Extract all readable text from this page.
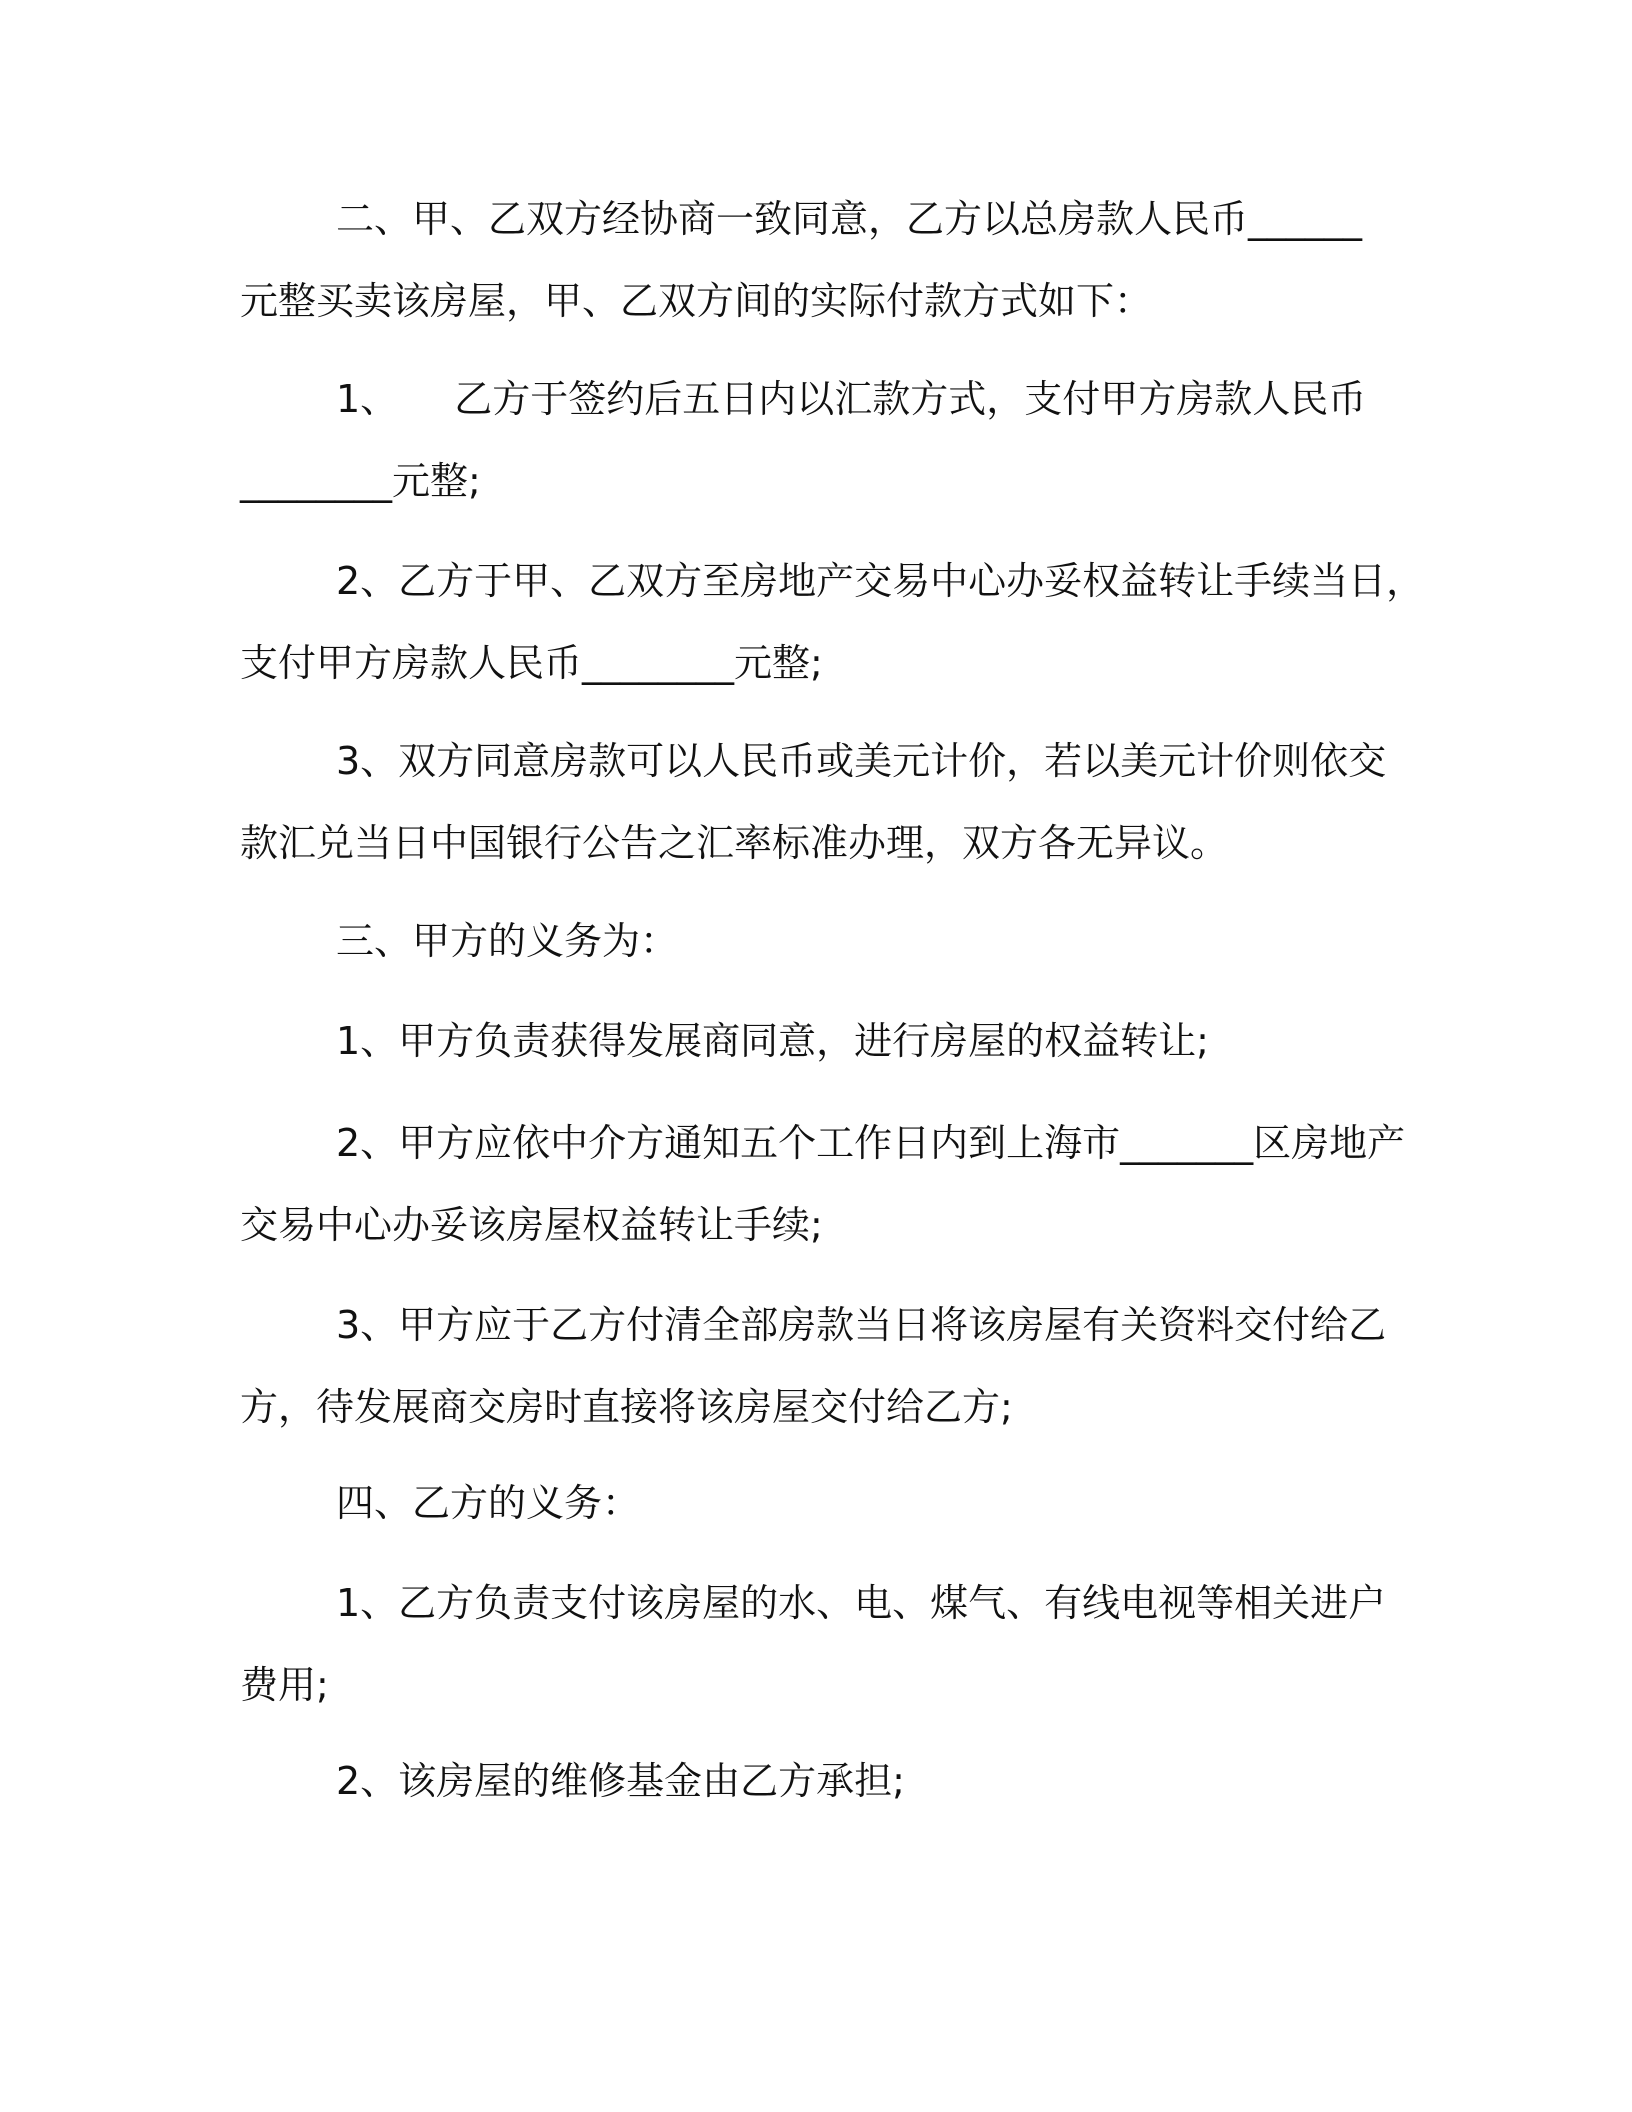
二、甲、乙双方经协商一致同意，乙方以总房款人民币______
元整买卖该房屋，甲、乙双方间的实际付款方式如下：
1、 乙方于签约后五日内以汇款方式，支付甲方房款人民币
________元整;
2、乙方于甲、乙双方至房地产交易中心办妥权益转让手续当日，
支付甲方房款人民币________元整;
3、双方同意房款可以人民币或美元计价，若以美元计价则依交
款汇兑当日中国银行公告之汇率标准办理，双方各无异议。
三、甲方的义务为：
1、甲方负责获得发展商同意，进行房屋的权益转让;
2、甲方应依中介方通知五个工作日内到上海市_______区房地产
交易中心办妥该房屋权益转让手续;
3、甲方应于乙方付清全部房款当日将该房屋有关资料交付给乙
方，待发展商交房时直接将该房屋交付给乙方;
四、乙方的义务：
1、乙方负责支付该房屋的水、电、煤气、有线电视等相关进户
费用;
2、该房屋的维修基金由乙方承担;
